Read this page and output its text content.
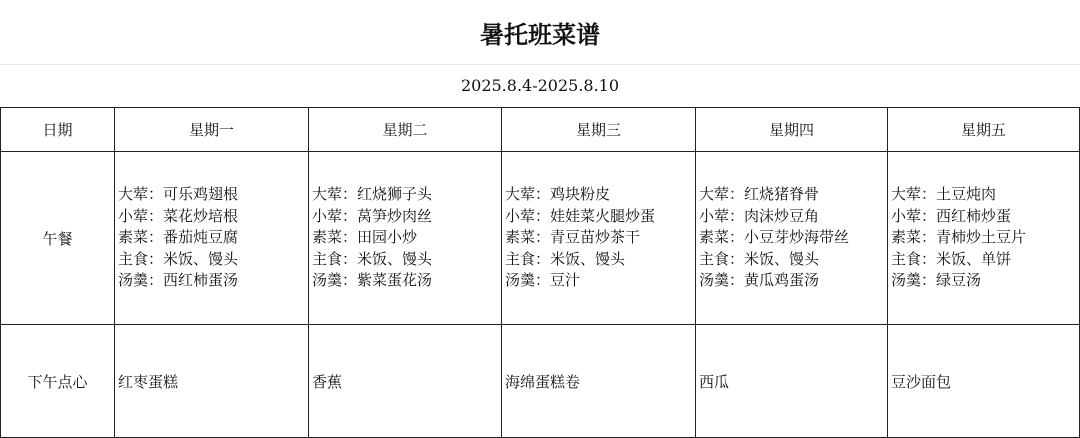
暑托班菜谱
2025.8.4-2025.8.10
日期	星期一	星期二	星期三	星期四	星期五
午餐	大荤：可乐鸡翅根
小荤：菜花炒培根
素菜：番茄炖豆腐
主食：米饭、馒头
汤羹：西红柿蛋汤	大荤：红烧狮子头
小荤：莴笋炒肉丝
素菜：田园小炒
主食：米饭、馒头
汤羹：紫菜蛋花汤	大荤：鸡块粉皮
小荤：娃娃菜火腿炒蛋
素菜：青豆苗炒茶干
主食：米饭、馒头
汤羹：豆汁	大荤：红烧猪脊骨
小荤：肉沫炒豆角
素菜：小豆芽炒海带丝
主食：米饭、馒头
汤羹：黄瓜鸡蛋汤	大荤：土豆炖肉
小荤：西红柿炒蛋
素菜：青柿炒土豆片
主食：米饭、单饼
汤羹：绿豆汤

下午点心	红枣蛋糕	香蕉	海绵蛋糕卷	西瓜	豆沙面包
